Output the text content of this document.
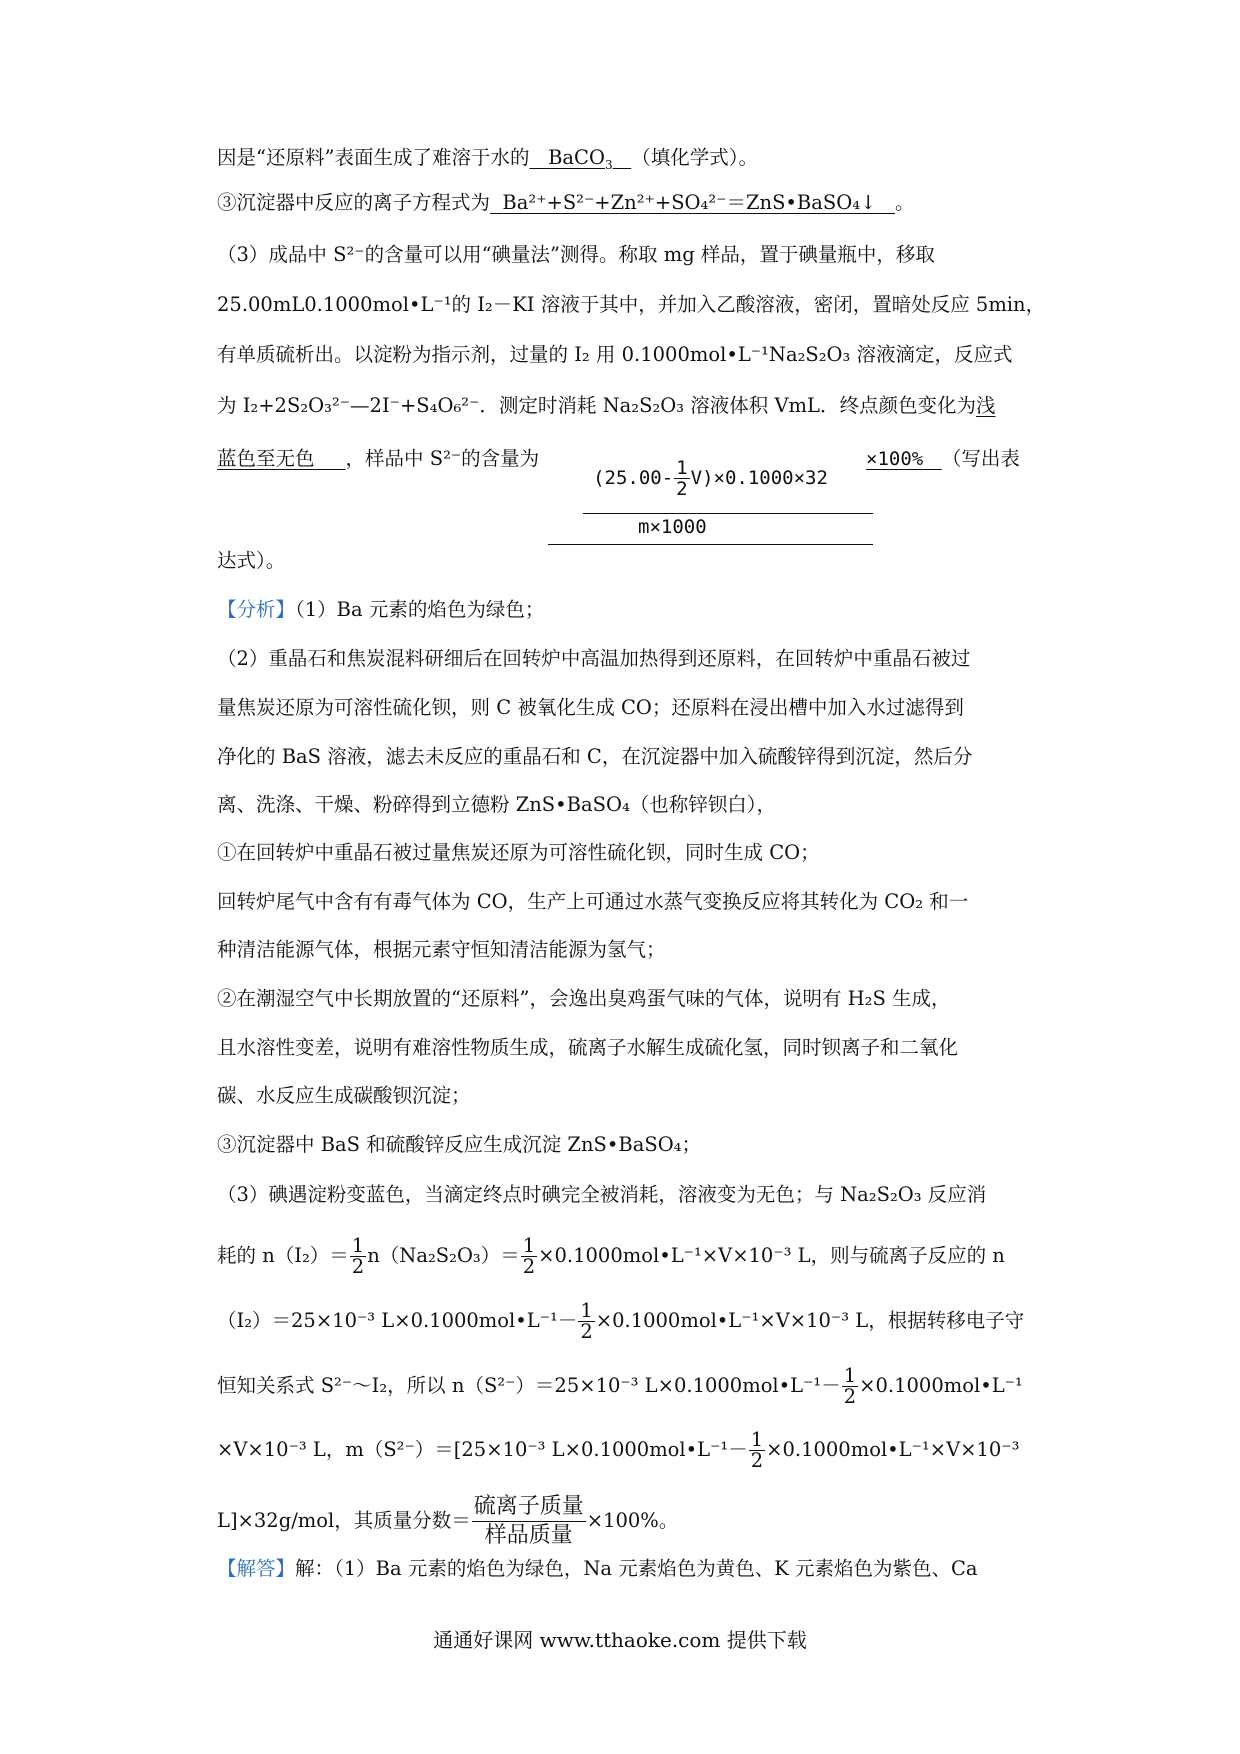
因是“还原料”表面生成了难溶于水的 BaCO$_3$ （填化学式）。
③沉淀器中反应的离子方程式为 Ba²⁺+S²⁻+Zn²⁺+SO₄²⁻＝ZnS•BaSO₄↓ 。
（3）成品中 S²⁻的含量可以用“碘量法”测得。称取 mg 样品，置于碘量瓶中，移取
25.00mL0.1000mol•L⁻¹的 I₂－KI 溶液于其中，并加入乙酸溶液，密闭，置暗处反应 5min，
有单质硫析出。以淀粉为指示剂，过量的 I₂ 用 0.1000mol•L⁻¹Na₂S₂O₃ 溶液滴定，反应式
为 I₂+2S₂O₃²⁻—2I⁻+S₄O₆²⁻．测定时消耗 Na₂S₂O₃ 溶液体积 VmL．终点颜色变化为浅
蓝色至无色 ，样品中 S²⁻的含量为	×100% （写出表
$(25.00- \frac{1}{2} V)\times 0.1000\times 32$
m×1000
达式）。
【分析】（1）Ba 元素的焰色为绿色；
（2）重晶石和焦炭混料研细后在回转炉中高温加热得到还原料，在回转炉中重晶石被过
量焦炭还原为可溶性硫化钡，则 C 被氧化生成 CO；还原料在浸出槽中加入水过滤得到
净化的 BaS 溶液，滤去未反应的重晶石和 C，在沉淀器中加入硫酸锌得到沉淀，然后分
离、洗涤、干燥、粉碎得到立德粉 ZnS•BaSO₄（也称锌钡白），
①在回转炉中重晶石被过量焦炭还原为可溶性硫化钡，同时生成 CO；
回转炉尾气中含有有毒气体为 CO，生产上可通过水蒸气变换反应将其转化为 CO₂ 和一
种清洁能源气体，根据元素守恒知清洁能源为氢气；
②在潮湿空气中长期放置的“还原料”，会逸出臭鸡蛋气味的气体，说明有 H₂S 生成，
且水溶性变差，说明有难溶性物质生成，硫离子水解生成硫化氢，同时钡离子和二氧化
碳、水反应生成碳酸钡沉淀；
③沉淀器中 BaS 和硫酸锌反应生成沉淀 ZnS•BaSO₄；
（3）碘遇淀粉变蓝色，当滴定终点时碘完全被消耗，溶液变为无色；与 Na₂S₂O₃ 反应消
耗的 $n(I_2)= \frac{1}{2} n(Na_2S_2O_3)= \frac{1}{2}$ ×0.1000mol•L⁻¹×V×10⁻³ L，则与硫离子反应的 n
（I₂）＝25×10⁻³ L×0.1000mol•L⁻¹－ $\frac{1}{2}$ ×0.1000mol•L⁻¹×V×10⁻³ L，根据转移电子守
恒知关系式 S²⁻～I₂，所以 n（S²⁻）＝25×10⁻³ L×0.1000mol•L⁻¹－ $\frac{1}{2}$ ×0.1000mol•L⁻¹
×V×10⁻³ L，m（S²⁻）＝[25×10⁻³ L×0.1000mol•L⁻¹－ $\frac{1}{2}$ ×0.1000mol•L⁻¹×V×10⁻³
L]×32g/mol，其质量分数＝ $\frac{\text{硫离子质量}}{\text{样品质量}} \times 100\%$。
【解答】解：（1）Ba 元素的焰色为绿色，Na 元素焰色为黄色、K 元素焰色为紫色、Ca
通通好课网 www.tthaoke.com 提供下载
